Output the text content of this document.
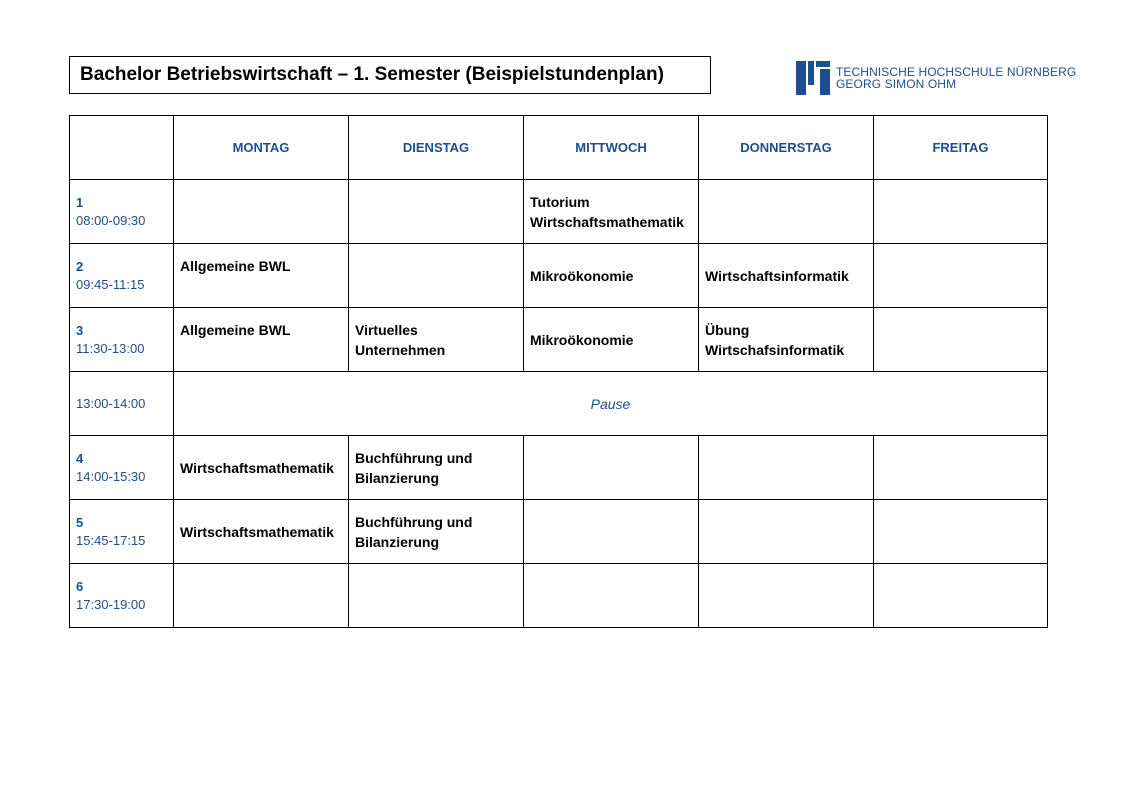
Bachelor Betriebswirtschaft – 1. Semester (Beispielstundenplan)	TECHNISCHE HOCHSCHULE NÜRNBERG
GEORG SIMON OHM
	MONTAG	DIENSTAG	MITTWOCH	DONNERSTAG	FREITAG

1
08:00-09:30			Tutorium
Wirtschaftsmathematik		

2
09:45-11:15	Allgemeine BWL		Mikroökonomie	Wirtschaftsinformatik	

3
11:30-13:00	Allgemeine BWL	Virtuelles
Unternehmen	Mikroökonomie	Übung
Wirtschafsinformatik	
13:00-14:00	Pause				

4
14:00-15:30	Wirtschaftsmathematik	Buchführung und
Bilanzierung			

5
15:45-17:15	Wirtschaftsmathematik	Buchführung und
Bilanzierung			

6
17:30-19:00					
